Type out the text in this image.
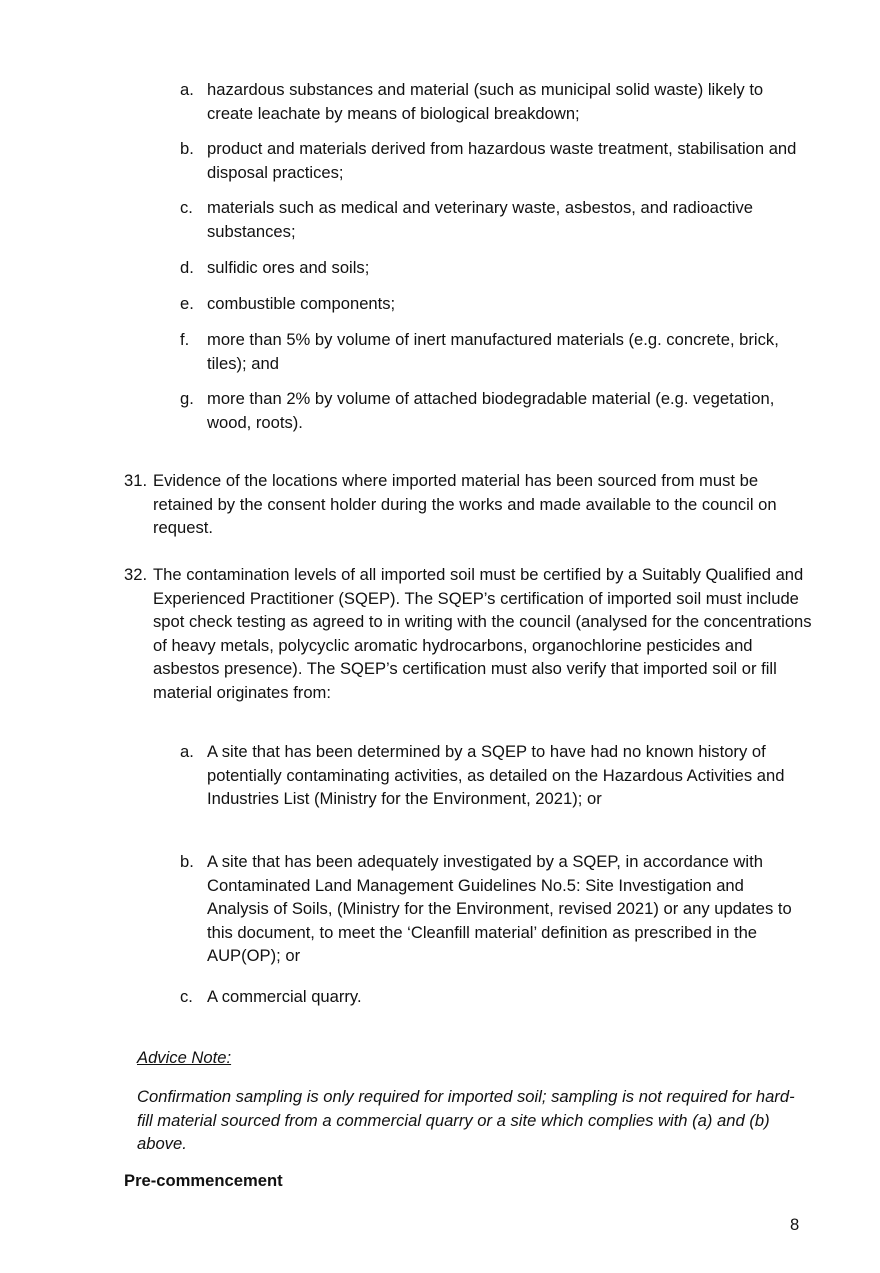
a. hazardous substances and material (such as municipal solid waste) likely to create leachate by means of biological breakdown;
b. product and materials derived from hazardous waste treatment, stabilisation and disposal practices;
c. materials such as medical and veterinary waste, asbestos, and radioactive substances;
d. sulfidic ores and soils;
e. combustible components;
f.	more than 5% by volume of inert manufactured materials (e.g. concrete, brick, tiles); and
g. more than 2% by volume of attached biodegradable material (e.g. vegetation, wood, roots).
31. Evidence of the locations where imported material has been sourced from must be retained by the consent holder during the works and made available to the council on request.
32. The contamination levels of all imported soil must be certified by a Suitably Qualified and Experienced Practitioner (SQEP). The SQEP’s certification of imported soil must include spot check testing as agreed to in writing with the council (analysed for the concentrations of heavy metals, polycyclic aromatic hydrocarbons, organochlorine pesticides and asbestos presence). The SQEP’s certification must also verify that imported soil or fill material originates from:
a. A site that has been determined by a SQEP to have had no known history of potentially contaminating activities, as detailed on the Hazardous Activities and Industries List (Ministry for the Environment, 2021); or
b. A site that has been adequately investigated by a SQEP, in accordance with Contaminated Land Management Guidelines No.5: Site Investigation and Analysis of Soils, (Ministry for the Environment, revised 2021) or any updates to this document, to meet the ‘Cleanfill material’ definition as prescribed in the AUP(OP); or
c. A commercial quarry.
Advice Note:
Confirmation sampling is only required for imported soil; sampling is not required for hard-fill material sourced from a commercial quarry or a site which complies with (a) and (b) above.
Pre-commencement
8
